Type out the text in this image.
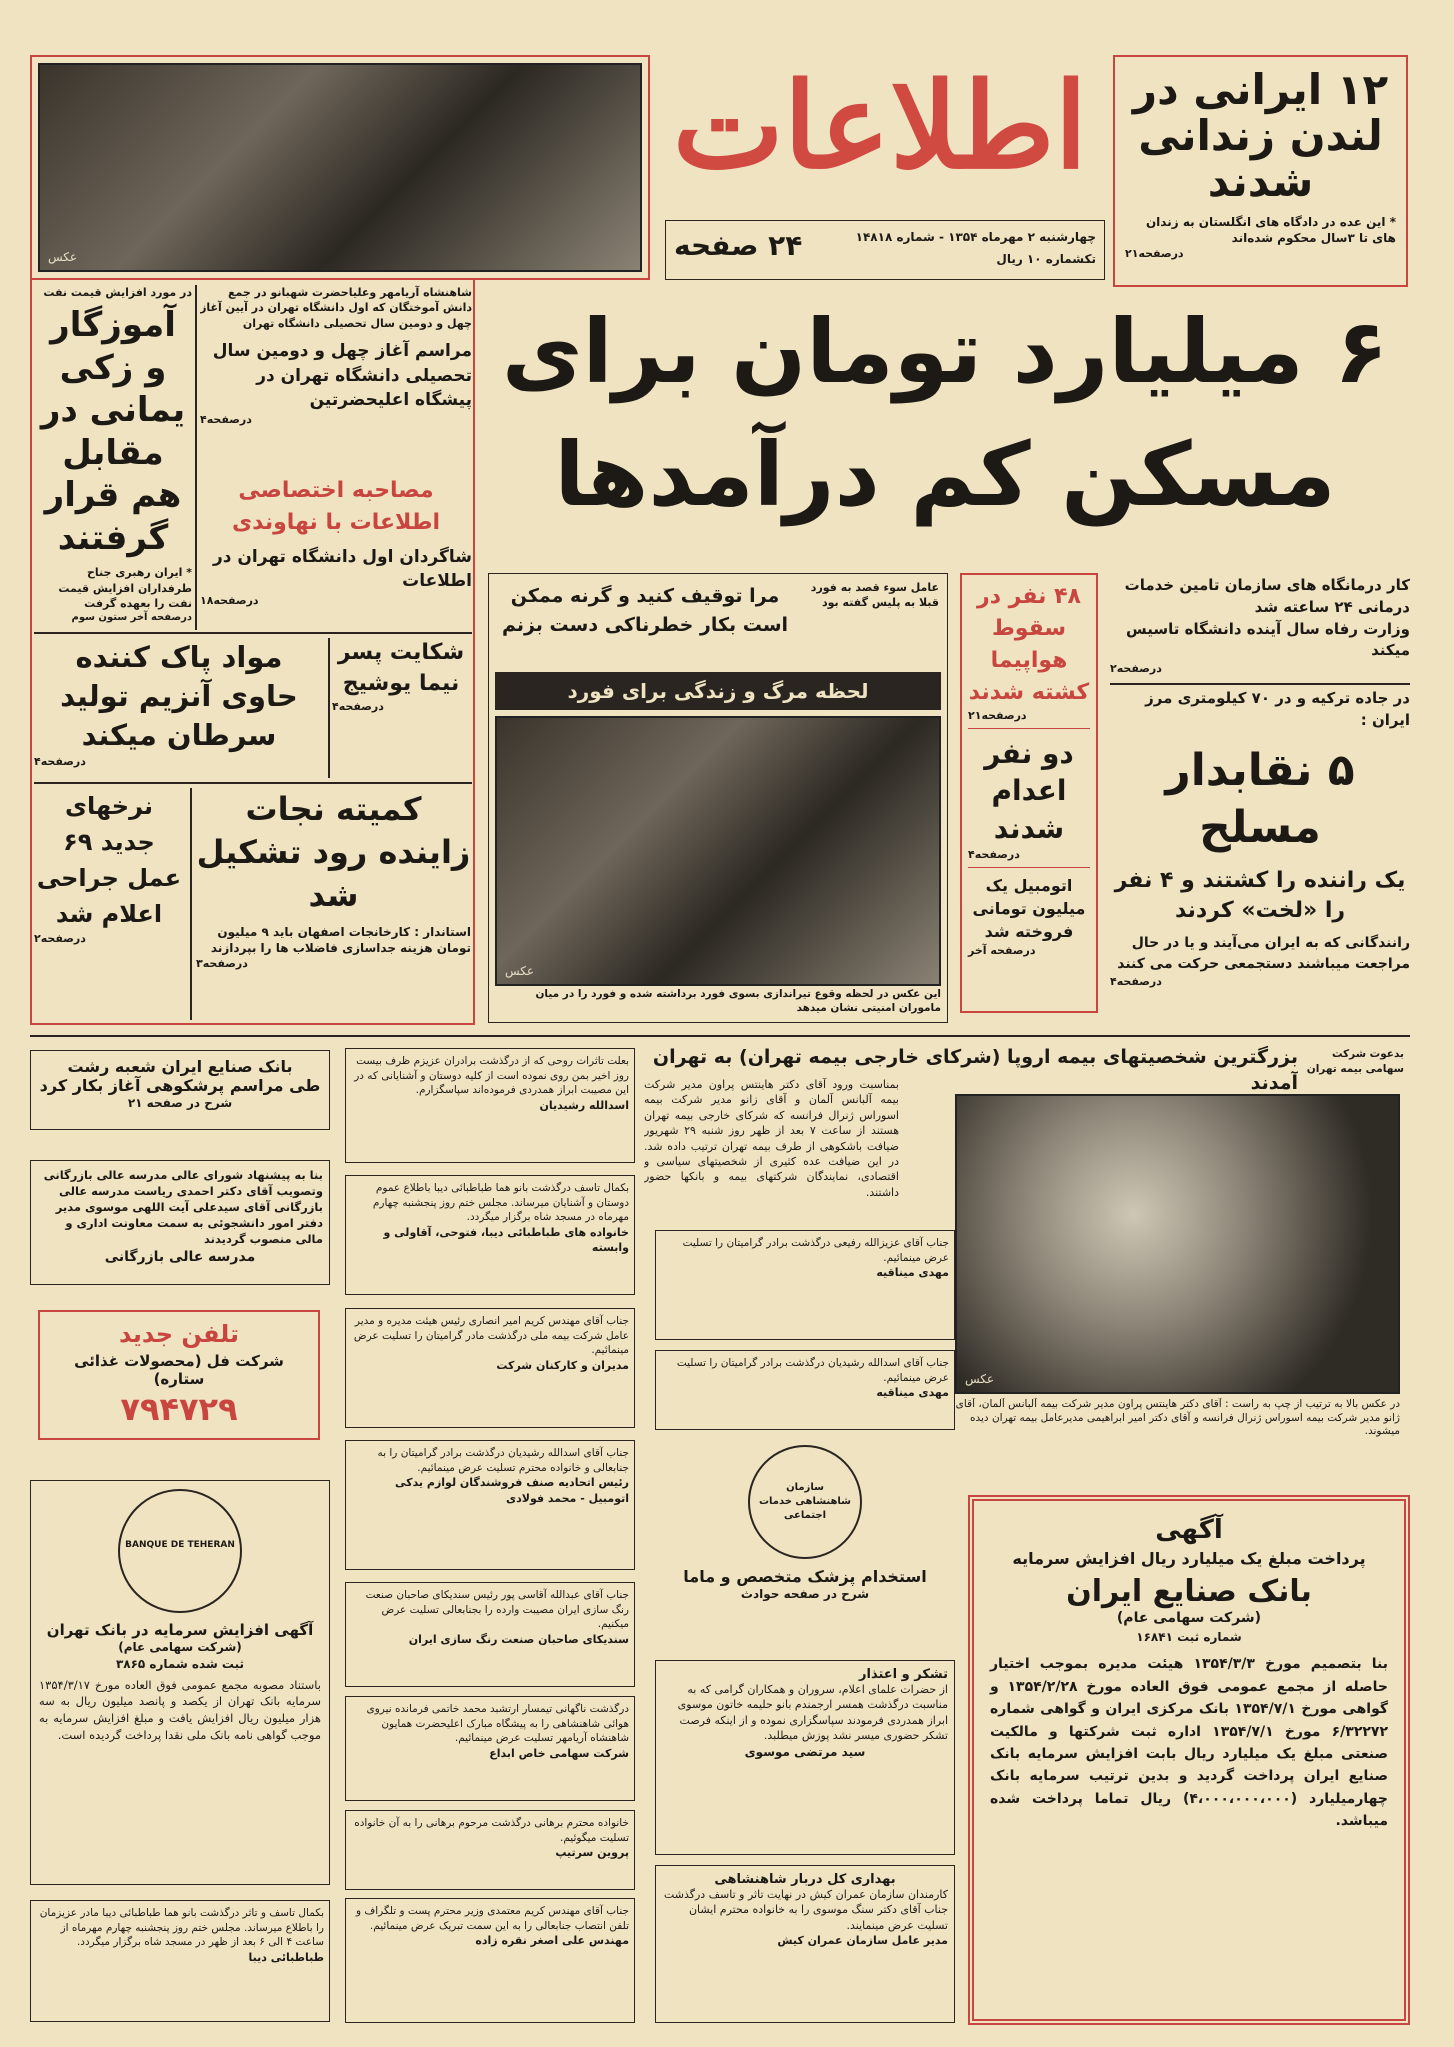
عکس
اطلاعات
۲۴ صفحه	چهارشنبه ۲ مهرماه ۱۳۵۴ - شماره ۱۴۸۱۸
تکشماره ۱۰ ریال
۱۲ ایرانی در لندن زندانی شدند
* این عده در دادگاه های انگلستان به زندان های تا ۳سال محکوم شده‌اند
درصفحه۲۱
شاهنشاه آریامهر وعلیاحضرت شهبانو در جمع دانش آموختگان که اول دانشگاه تهران در آیین آغاز چهل و دومین سال تحصیلی دانشگاه تهران
مراسم آغاز چهل و دومین سال تحصیلی دانشگاه تهران در پیشگاه اعلیحضرتین
درصفحه۴
مصاحبه اختصاصی اطلاعات با نهاوندی
شاگردان اول دانشگاه تهران در اطلاعات
درصفحه۱۸
در مورد افزایش قیمت نفت
آموزگار و زکی یمانی در مقابل هم قرار گرفتند
* ایران رهبری جناح طرفداران افزایش قیمت نفت را بعهده گرفت
درصفحه آخر ستون سوم
مواد پاک کننده حاوی آنزیم تولید سرطان میکند
درصفحه۴
شکایت پسر نیما یوشیج
درصفحه۴
نرخهای جدید ۶۹ عمل جراحی اعلام شد
درصفحه۲
کمیته نجات زاینده رود تشکیل شد
استاندار : کارخانجات اصفهان باید ۹ میلیون تومان هزینه جداسازی فاضلاب ها را بپردازند
درصفحه۳
۶ میلیارد تومان برای
مسکن کم درآمدها
عامل سوء قصد به فورد قبلا به پلیس گفته بود
مرا توقیف کنید و گرنه ممکن است بکار خطرناکی دست بزنم
لحظه مرگ و زندگی برای فورد
عکس
این عکس در لحظه وقوع تیراندازی بسوی فورد برداشته شده و فورد را در میان ماموران امنیتی نشان میدهد
۴۸ نفر در سقوط هواپیما کشته شدند
درصفحه۲۱
دو نفر اعدام شدند
درصفحه۴
اتومبیل یک میلیون تومانی فروخته شد
درصفحه آخر
کار درمانگاه های سازمان تامین خدمات درمانی ۲۴ ساعته شد
وزارت رفاه سال آینده دانشگاه تاسیس میکند
درصفحه۲
در جاده ترکیه و در ۷۰ کیلومتری مرز ایران :
۵ نقابدار مسلح
یک راننده را کشتند و ۴ نفر را «لخت» کردند
رانندگانی که به ایران می‌آیند و یا در حال مراجعت میباشند دستجمعی حرکت می کنند
درصفحه۴
بدعوت شرکت سهامی بیمه تهران
بزرگترین شخصیتهای بیمه اروپا (شرکای خارجی بیمه تهران) به تهران آمدند
بمناسبت ورود آقای دکتر هاینتس پراون مدیر شرکت بیمه آلبانس آلمان و آقای زانو مدیر شرکت بیمه اسوراس ژنرال فرانسه که شرکای خارجی بیمه تهران هستند از ساعت ۷ بعد از ظهر روز شنبه ۲۹ شهریور ضیافت باشکوهی از طرف بیمه تهران ترتیب داده شد. در این ضیافت عده کثیری از شخصیتهای سیاسی و اقتصادی، نمایندگان شرکتهای بیمه و بانکها حضور داشتند.
عکس
در عکس بالا به ترتیب از چپ به راست : آقای دکتر هاینتس پراون مدیر شرکت بیمه آلبانس آلمان، آقای ژانو مدیر شرکت بیمه اسوراس ژنرال فرانسه و آقای دکتر امیر ابراهیمی مدیرعامل بیمه تهران دیده میشوند.
بانک صنایع ایران شعبه رشت
طی مراسم پرشکوهی آغاز بکار کرد
شرح در صفحه ۲۱
بنا به پیشنهاد شورای عالی مدرسه عالی بازرگانی وتصویب آقای دکتر احمدی ریاست مدرسه عالی بازرگانی آقای سیدعلی آیت اللهی موسوی مدیر دفتر امور دانشجوئی به سمت معاونت اداری و مالی منصوب گردیدند
مدرسه عالی بازرگانی
تلفن جدید
شرکت فل (محصولات غذائی ستاره)
۷۹۴۷۲۹
BANQUE DE TEHERAN
آگهی افزایش سرمایه در بانک تهران
(شرکت سهامی عام)
ثبت شده شماره ۳۸۶۵
باستناد مصوبه مجمع عمومی فوق العاده مورخ ۱۳۵۴/۳/۱۷ سرمایه بانک تهران از یکصد و پانصد میلیون ریال به سه هزار میلیون ریال افزایش یافت و مبلغ افزایش سرمایه به موجب گواهی نامه بانک ملی نقدا پرداخت گردیده است.
بعلت تاثرات روحی که از درگذشت برادران عزیزم ظرف بیست روز اخیر بمن روی نموده است از کلیه دوستان و آشنایانی که در این مصیبت ابراز همدردی فرموده‌اند سپاسگزارم.
اسدالله رشیدیان
بکمال تاسف درگذشت بانو هما طباطبائی دیبا باطلاع عموم دوستان و آشنایان میرساند. مجلس ختم روز پنجشنبه چهارم مهرماه در مسجد شاه برگزار میگردد.
خانواده های طباطبائی دیبا، فتوحی، آقاولی و وابسته
جناب آقای مهندس کریم امیر انصاری رئیس هیئت مدیره و مدیر عامل شرکت بیمه ملی درگذشت مادر گرامیتان را تسلیت عرض مینمائیم.
مدیران و کارکنان شرکت
جناب آقای اسدالله رشیدیان درگذشت برادر گرامیتان را به جنابعالی و خانواده محترم تسلیت عرض مینمائیم.
رئیس اتحادیه صنف فروشندگان لوازم یدکی اتومبیل - محمد فولادی
جناب آقای عبدالله آقاسی پور رئیس سندیکای صاحبان صنعت رنگ سازی ایران مصیبت وارده را بجنابعالی تسلیت عرض میکنیم.
سندیکای صاحبان صنعت رنگ سازی ایران
درگذشت ناگهانی تیمسار ارتشبد محمد خاتمی فرمانده نیروی هوائی شاهنشاهی را به پیشگاه مبارک اعلیحضرت همایون شاهنشاه آریامهر تسلیت عرض مینمائیم.
شرکت سهامی خاص ابداع
خانواده محترم برهانی درگذشت مرحوم برهانی را به آن خانواده تسلیت میگوئیم.
پروین سرتیپ
جناب آقای مهندس کریم معتمدی وزیر محترم پست و تلگراف و تلفن انتصاب جنابعالی را به این سمت تبریک عرض مینمائیم.
مهندس علی اصغر نقره زاده
بکمال تاسف و تاثر درگذشت بانو هما طباطبائی دیبا مادر عزیزمان را باطلاع میرساند. مجلس ختم روز پنجشنبه چهارم مهرماه از ساعت ۴ الی ۶ بعد از ظهر در مسجد شاه برگزار میگردد.
طباطبائی دیبا
جناب آقای عزیزالله رفیعی درگذشت برادر گرامیتان را تسلیت عرض مینمائیم.
مهدی میناقیه
جناب آقای اسدالله رشیدیان درگذشت برادر گرامیتان را تسلیت عرض مینمائیم.
مهدی میناقیه
سازمان شاهنشاهی خدمات اجتماعی
استخدام پزشک متخصص و ماما
شرح در صفحه حوادث
تشکر و اعتذار
از حضرات علمای اعلام، سروران و همکاران گرامی که به مناسبت درگذشت همسر ارجمندم بانو حلیمه خاتون موسوی ابراز همدردی فرمودند سپاسگزاری نموده و از اینکه فرصت تشکر حضوری میسر نشد پوزش میطلبد.
سید مرتضی موسوی
بهداری کل دربار شاهنشاهی
کارمندان سازمان عمران کیش در نهایت تاثر و تاسف درگذشت جناب آقای دکتر سنگ موسوی را به خانواده محترم ایشان تسلیت عرض مینمایند.
مدیر عامل سازمان عمران کیش
آگهی
پرداخت مبلغ یک میلیارد ریال افزایش سرمایه
بانک صنایع ایران
(شرکت سهامی عام)
شماره ثبت ۱۶۸۴۱
بنا بتصمیم مورخ ۱۳۵۴/۳/۳ هیئت مدیره بموجب اختیار حاصله از مجمع عمومی فوق العاده مورخ ۱۳۵۴/۲/۲۸ و گواهی مورخ ۱۳۵۴/۷/۱ بانک مرکزی ایران و گواهی شماره ۶/۳۲۲۷۲ مورخ ۱۳۵۴/۷/۱ اداره ثبت شرکتها و مالکیت صنعتی مبلغ یک میلیارد ریال بابت افزایش سرمایه بانک صنایع ایران پرداخت گردید و بدین ترتیب سرمایه بانک چهارمیلیارد (۴،۰۰۰،۰۰۰،۰۰۰) ریال تماما پرداخت شده میباشد.
